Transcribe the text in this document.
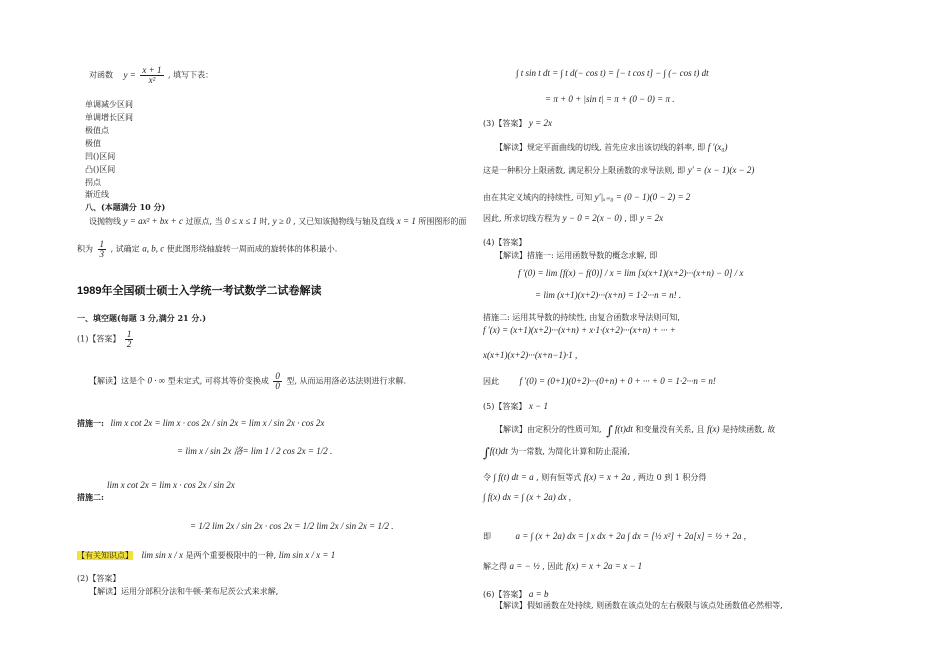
对函数 $y = \frac{x + 1}{\text{x²}}$ , 填写下表：
单调减少区间
单调增长区间
极值点
极值
凹()区间
凸()区间
拐点
渐近线
八、(本题满分 10 分)
设抛物线 y = ax² + bx + c 过原点, 当 0 ≤ x ≤ 1 时, y ≥ 0 , 又已知该抛物线与轴及直线 x = 1 所围图形的面
积为 $\frac{1}{3}$ , 试确定 a, b, c 使此图形绕轴旋转一周而成的旋转体的体积最小.
1989年全国硕士硕士入学统一考试数学二试卷解读
一、填空题(每题 3 分,满分 21 分.)
(1)【答案】 $\frac{1}{2}$
【解读】这是个 0 · ∞ 型未定式, 可将其等价变换成 $\frac{0}{0}$ 型, 从而运用洛必达法则进行求解.
措施一: lim x cot 2x = lim x · cos 2x / sin 2x = lim x / sin 2x · cos 2x
= lim x / sin 2x 洛= lim 1 / 2 cos 2x = 1/2 .
lim x cot 2x = lim x · cos 2x / sin 2x
措施二:
= 1/2 lim 2x / sin 2x · cos 2x = 1/2 lim 2x / sin 2x = 1/2 .
【有关知识点】 lim sin x / x 是两个重要极限中的一种, lim sin x / x = 1
(2)【答案】
【解读】运用分部积分法和牛顿-莱布尼茨公式来求解,
∫ t sin t dt = ∫ t d(− cos t) = [− t cos t] − ∫ (− cos t) dt
= π + 0 + |sin t| = π + (0 − 0) = π .
(3)【答案】 y = 2x
【解读】规定平面曲线的切线, 首先应求出该切线的斜率, 即 f ′(x₀)
这是一种积分上限函数, 满足积分上限函数的求导法则, 即 y′ = (x − 1)(x − 2)
由在其定义域内的持续性, 可知 y′|ₓ₌₀ = (0 − 1)(0 − 2) = 2
因此, 所求切线方程为 y − 0 = 2(x − 0) , 即 y = 2x
(4)【答案】
【解读】措施一: 运用函数导数的概念求解, 即
f ′(0) = lim [f(x) − f(0)] / x = lim [x(x+1)(x+2)···(x+n) − 0] / x
= lim (x+1)(x+2)···(x+n) = 1·2···n = n! .
措施二: 运用其导数的持续性, 由复合函数求导法则可知,
f ′(x) = (x+1)(x+2)···(x+n) + x·1·(x+2)···(x+n) + ··· +
x(x+1)(x+2)···(x+n−1)·1 ,
因此 f ′(0) = (0+1)(0+2)···(0+n) + 0 + ··· + 0 = 1·2···n = n!
(5)【答案】 x − 1
【解读】由定积分的性质可知, ∫ f(t)dt 和变量没有关系, 且 f(x) 是持续函数, 故
∫f(t)dt 为一常数, 为简化计算和防止混淆,
令 ∫ f(t) dt = a , 则有恒等式 f(x) = x + 2a , 两边 0 到 1 积分得
∫ f(x) dx = ∫ (x + 2a) dx ,
即	a = ∫ (x + 2a) dx = ∫ x dx + 2a ∫ dx = [½ x²] + 2a[x] = ½ + 2a ,
解之得 a = − ½ , 因此 f(x) = x + 2a = x − 1
(6)【答案】 a = b
【解读】假如函数在处持续, 则函数在该点处的左右极限与该点处函数值必然相等,
